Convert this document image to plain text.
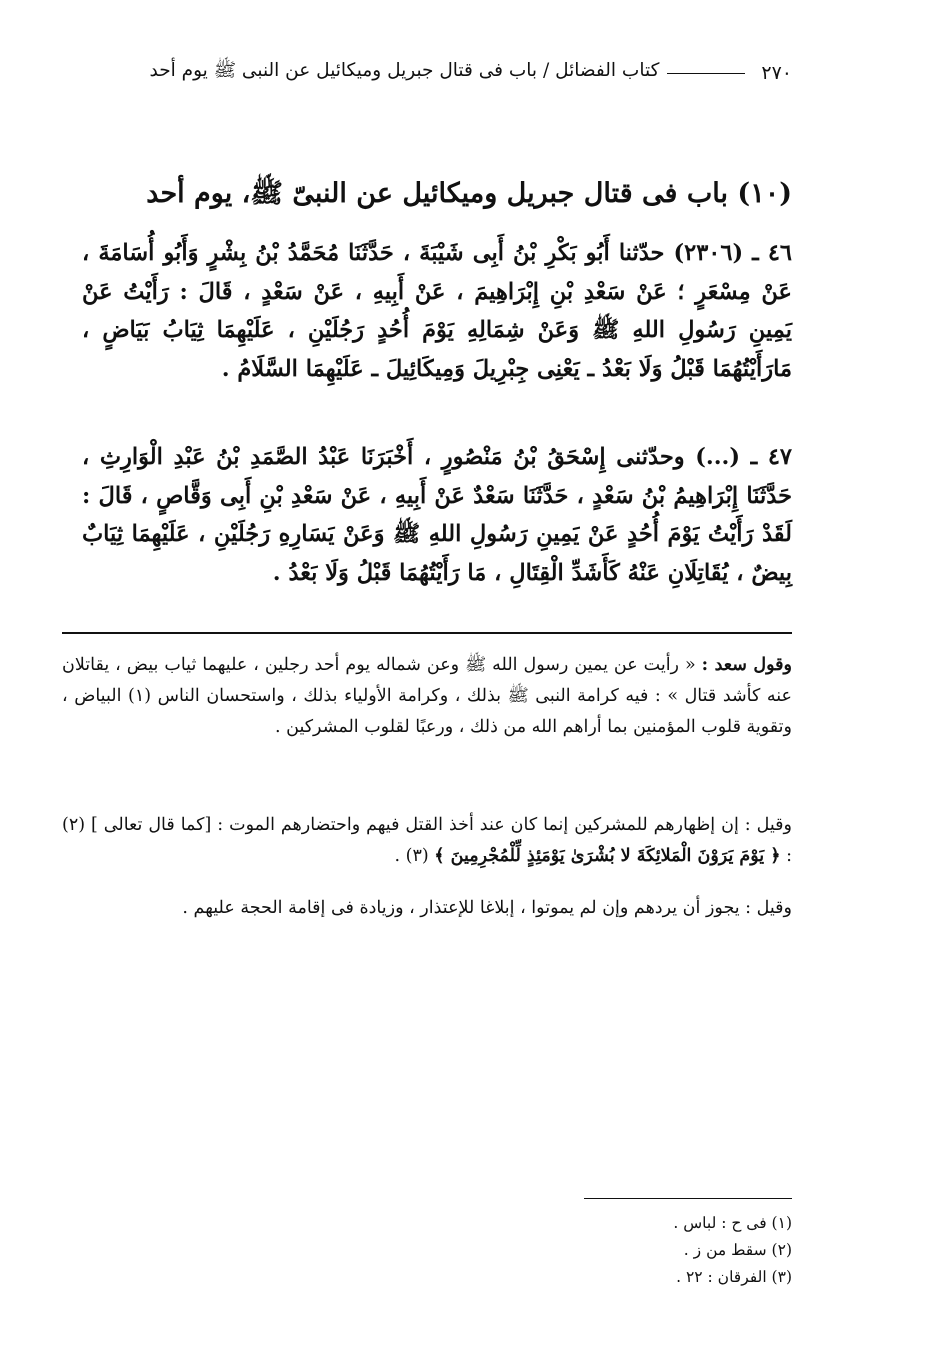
٢٧٠
كتاب الفضائل / باب فى قتال جبريل وميكائيل عن النبى ﷺ يوم أحد
(١٠) باب فى قتال جبريل وميكائيل عن النبىّ ﷺ، يوم أحد
٤٦ ـ (٢٣٠٦) حدّثنا أَبُو بَكْرِ بْنُ أَبِى شَيْبَةَ ، حَدَّثَنَا مُحَمَّدُ بْنُ بِشْرٍ وَأَبُو أُسَامَةَ ، عَنْ مِسْعَرٍ ؛ عَنْ سَعْدِ بْنِ إِبْرَاهِيمَ ، عَنْ أَبِيهِ ، عَنْ سَعْدٍ ، قَالَ : رَأَيْتُ عَنْ يَمِينِ رَسُولِ اللهِ ﷺ وَعَنْ شِمَالِهِ يَوْمَ أُحُدٍ رَجُلَيْنِ ، عَلَيْهِمَا ثِيَابُ بَيَاضٍ ، مَارَأَيْتُهُمَا قَبْلُ وَلَا بَعْدُ ـ يَعْنِى جِبْرِيلَ وَمِيكَائِيلَ ـ عَلَيْهِمَا السَّلَامُ .
٤٧ ـ (...) وحدّثنى إِسْحَقُ بْنُ مَنْصُورٍ ، أَخْبَرَنَا عَبْدُ الصَّمَدِ بْنُ عَبْدِ الْوَارِثِ ، حَدَّثَنَا إِبْرَاهِيمُ بْنُ سَعْدٍ ، حَدَّثَنَا سَعْدٌ عَنْ أَبِيهِ ، عَنْ سَعْدِ بْنِ أَبِى وَقَّاصٍ ، قَالَ : لَقَدْ رَأَيْتُ يَوْمَ أُحُدٍ عَنْ يَمِينِ رَسُولِ اللهِ ﷺ وَعَنْ يَسَارِهِ رَجُلَيْنِ ، عَلَيْهِمَا ثِيَابٌ بِيضٌ ، يُقَاتِلَانِ عَنْهُ كَأَشَدِّ الْقِتَالِ ، مَا رَأَيْتُهُمَا قَبْلُ وَلَا بَعْدُ .
وقول سعد : « رأيت عن يمين رسول الله ﷺ وعن شماله يوم أحد رجلين ، عليهما ثياب بيض ، يقاتلان عنه كأشد قتال » : فيه كرامة النبى ﷺ بذلك ، وكرامة الأولياء بذلك ، واستحسان الناس (١) البياض ، وتقوية قلوب المؤمنين بما أراهم الله من ذلك ، ورعبًا لقلوب المشركين .
وقيل : إن إظهارهم للمشركين إنما كان عند أخذ القتل فيهم واحتضارهم الموت : [كما قال تعالى ] (٢) : ﴿ يَوْمَ يَرَوْنَ الْمَلائِكَةَ لا بُشْرَىٰ يَوْمَئِذٍ لِّلْمُجْرِمِينَ ﴾ (٣) .
وقيل : يجوز أن يردهم وإن لم يموتوا ، إبلاغا للإعتذار ، وزيادة فى إقامة الحجة عليهم .
(١) فى ح : لباس .
(٢) سقط من ز .
(٣) الفرقان : ٢٢ .
